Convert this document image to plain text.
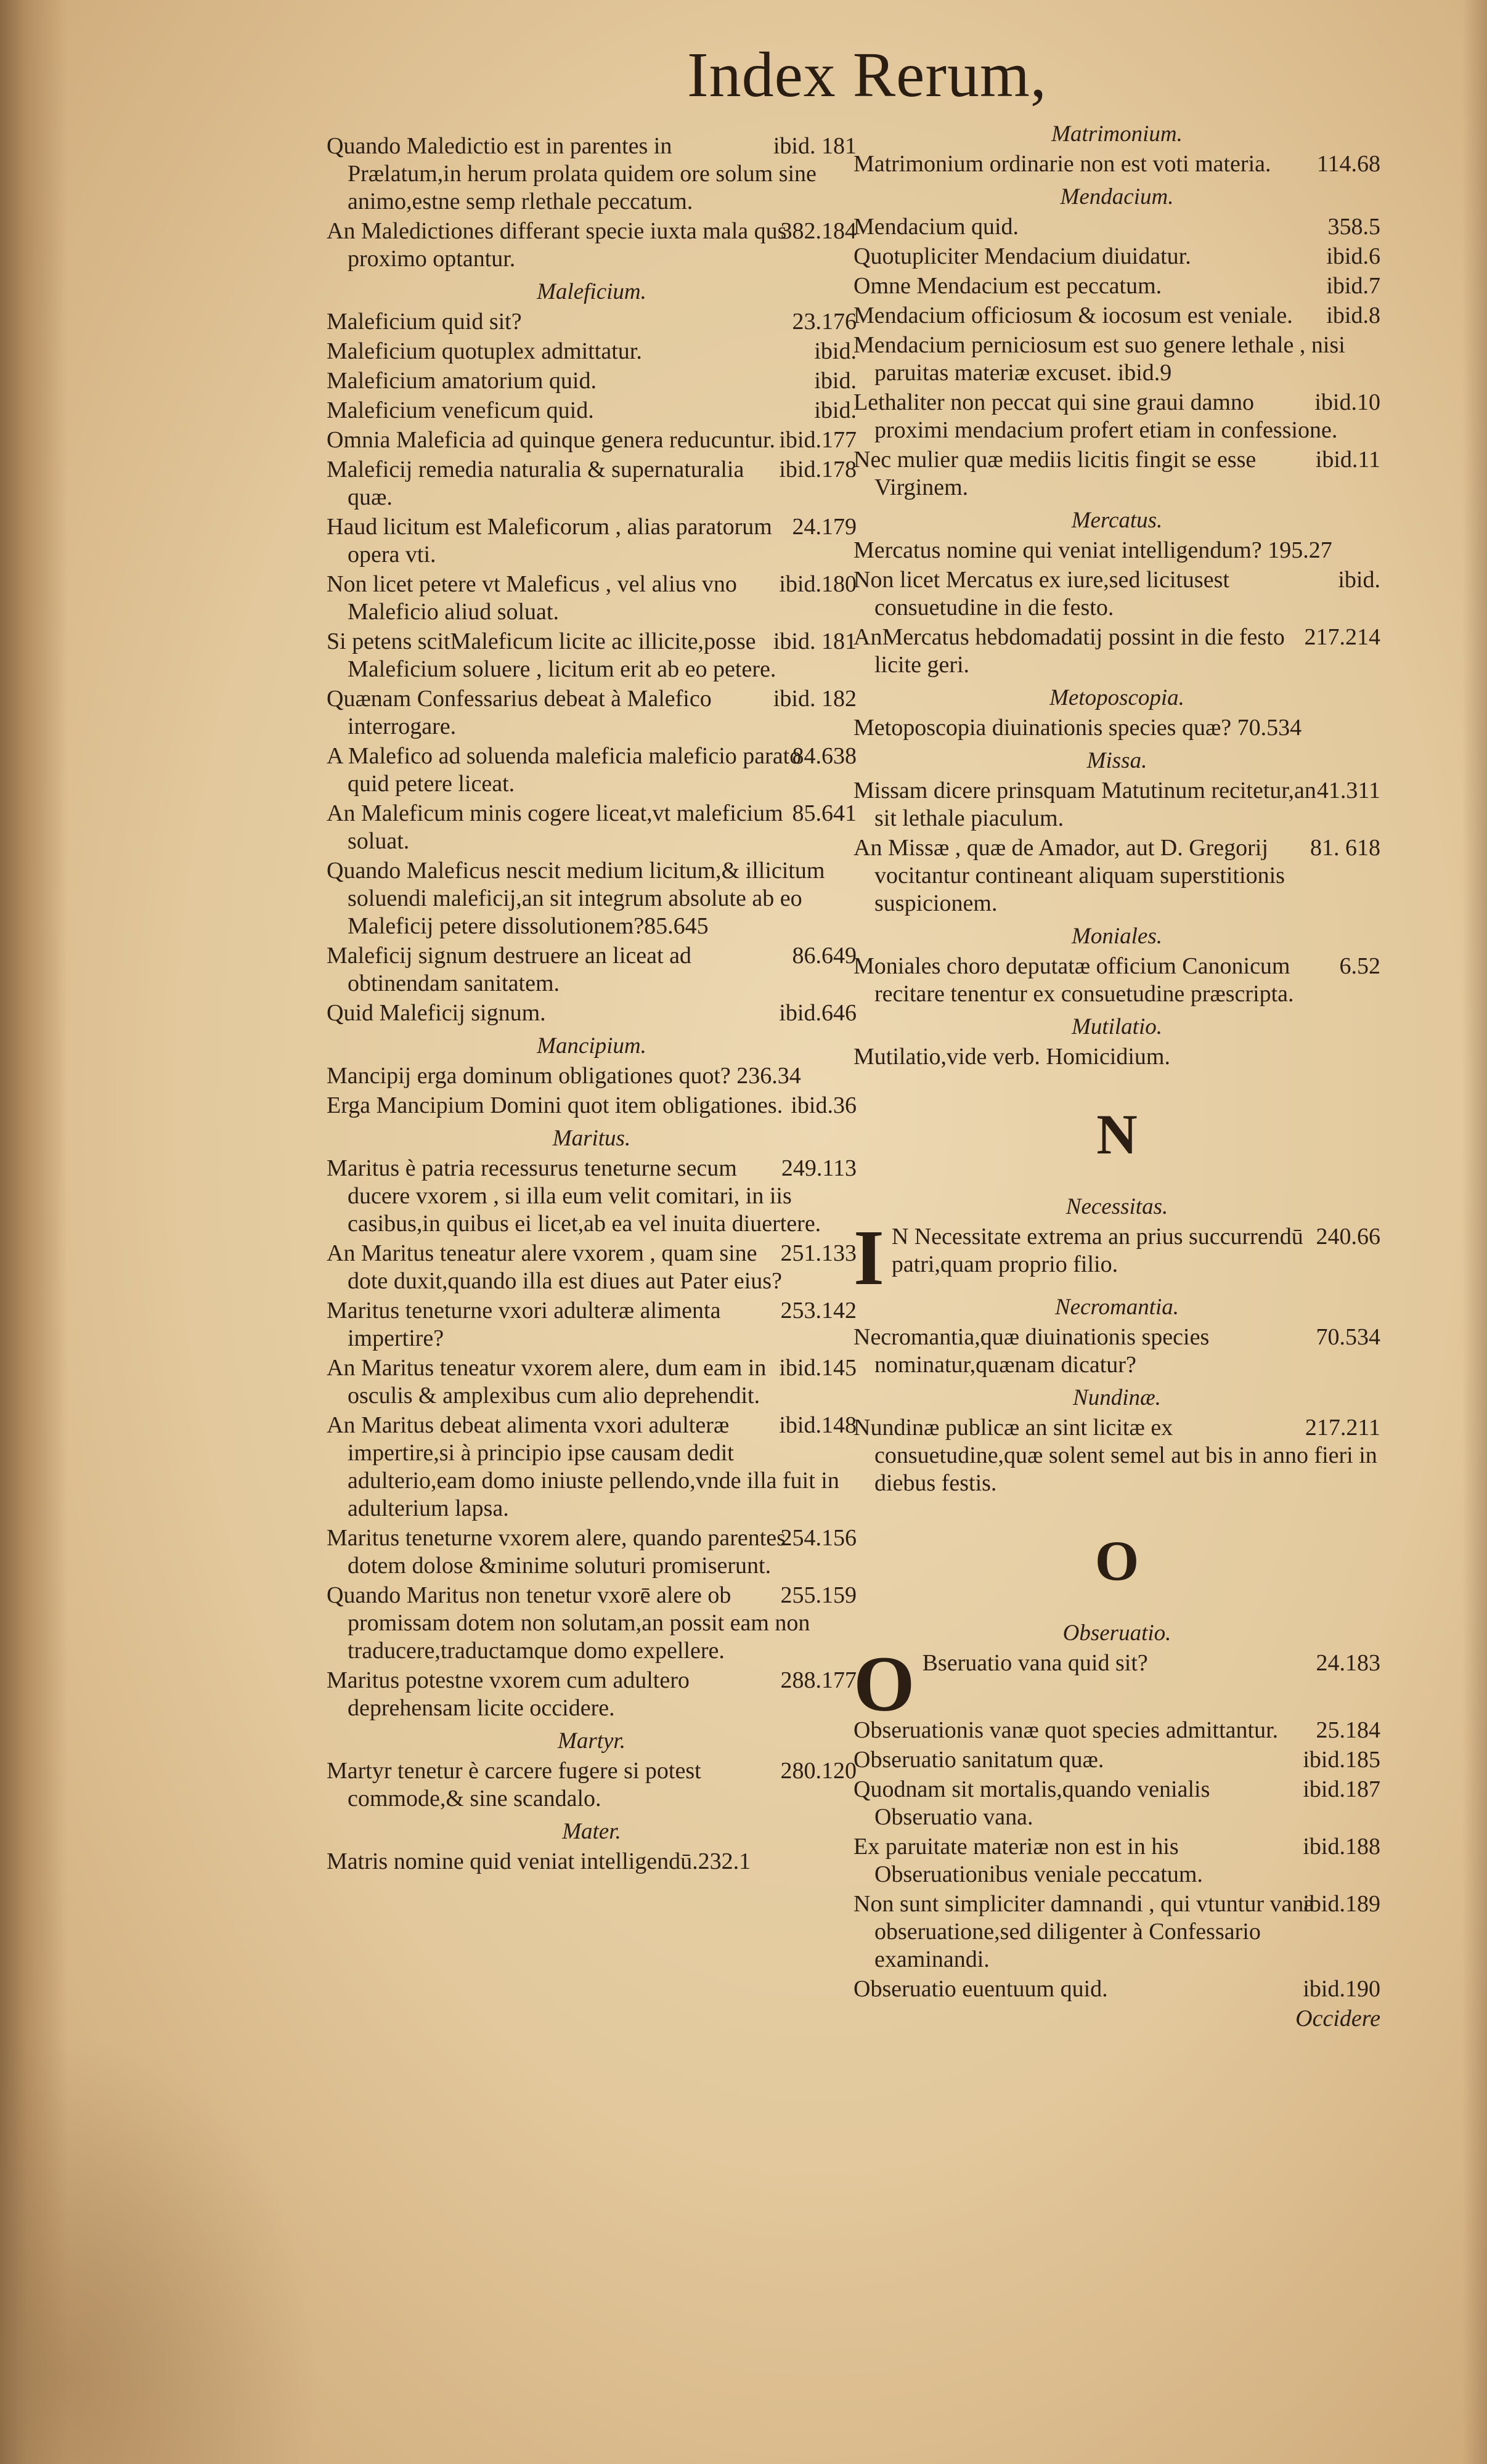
Index Rerum,
ibid. 181
Quando Maledictio est in parentes in Prælatum,in herum prolata quidem ore solum sine animo,estne semp rlethale peccatum.
382.184
An Maledictiones differant specie iuxta mala qus proximo optantur.
Maleficium.
23.176
Maleficium quid sit?
ibid.
Maleficium quotuplex admittatur.
ibid.
Maleficium amatorium quid.
ibid.
Maleficium veneficum quid.
ibid.177
Omnia Maleficia ad quinque genera reducuntur.
ibid.178
Maleficij remedia naturalia & supernaturalia quæ.
24.179
Haud licitum est Maleficorum , alias paratorum opera vti.
ibid.180
Non licet petere vt Maleficus , vel alius vno Maleficio aliud soluat.
ibid. 181
Si petens scitMaleficum licite ac illicite,posse Maleficium soluere , licitum erit ab eo petere.
ibid. 182
Quænam Confessarius debeat à Malefico interrogare.
84.638
A Malefico ad soluenda maleficia maleficio parato quid petere liceat.
85.641
An Maleficum minis cogere liceat,vt maleficium soluat.
Quando Maleficus nescit medium licitum,& illicitum soluendi maleficij,an sit integrum absolute ab eo Maleficij petere dissolutionem?85.645
86.649
Maleficij signum destruere an liceat ad obtinendam sanitatem.
ibid.646
Quid Maleficij signum.
Mancipium.
Mancipij erga dominum obligationes quot? 236.34
ibid.36
Erga Mancipium Domini quot item obligationes.
Maritus.
249.113
Maritus è patria recessurus teneturne secum ducere vxorem , si illa eum velit comitari, in iis casibus,in quibus ei licet,ab ea vel inuita diuertere.
251.133
An Maritus teneatur alere vxorem , quam sine dote duxit,quando illa est diues aut Pater eius?
253.142
Maritus teneturne vxori adulteræ alimenta impertire?
ibid.145
An Maritus teneatur vxorem alere, dum eam in osculis & amplexibus cum alio deprehendit.
ibid.148
An Maritus debeat alimenta vxori adulteræ impertire,si à principio ipse causam dedit adulterio,eam domo iniuste pellendo,vnde illa fuit in adulterium lapsa.
254.156
Maritus teneturne vxorem alere, quando parentes dotem dolose &minime soluturi promiserunt.
255.159
Quando Maritus non tenetur vxorē alere ob promissam dotem non solutam,an possit eam non traducere,traductamque domo expellere.
288.177
Maritus potestne vxorem cum adultero deprehensam licite occidere.
Martyr.
280.120
Martyr tenetur è carcere fugere si potest commode,& sine scandalo.
Mater.
Matris nomine quid veniat intelligendū.232.1
Matrimonium.
114.68
Matrimonium ordinarie non est voti materia.
Mendacium.
358.5
Mendacium quid.
ibid.6
Quotupliciter Mendacium diuidatur.
ibid.7
Omne Mendacium est peccatum.
ibid.8
Mendacium officiosum & iocosum est veniale.
Mendacium perniciosum est suo genere lethale , nisi paruitas materiæ excuset. ibid.9
ibid.10
Lethaliter non peccat qui sine graui damno proximi mendacium profert etiam in confessione.
ibid.11
Nec mulier quæ mediis licitis fingit se esse Virginem.
Mercatus.
Mercatus nomine qui veniat intelligendum? 195.27
ibid.
Non licet Mercatus ex iure,sed licitusest consuetudine in die festo.
217.214
AnMercatus hebdomadatij possint in die festo licite geri.
Metoposcopia.
Metoposcopia diuinationis species quæ? 70.534
Missa.
41.311
Missam dicere prinsquam Matutinum recitetur,an sit lethale piaculum.
81. 618
An Missæ , quæ de Amador, aut D. Gregorij vocitantur contineant aliquam superstitionis suspicionem.
Moniales.
6.52
Moniales choro deputatæ officium Canonicum recitare tenentur ex consuetudine præscripta.
Mutilatio.
Mutilatio,vide verb. Homicidium.
N
Necessitas.
I	240.66
N Necessitate extrema an prius succurrendū patri,quam proprio filio.
Necromantia.
70.534
Necromantia,quæ diuinationis species nominatur,quænam dicatur?
Nundinæ.
217.211
Nundinæ publicæ an sint licitæ ex consuetudine,quæ solent semel aut bis in anno fieri in diebus festis.
O
Obseruatio.
O	24.183
Bseruatio vana quid sit?
25.184
Obseruationis vanæ quot species admittantur.
ibid.185
Obseruatio sanitatum quæ.
ibid.187
Quodnam sit mortalis,quando venialis Obseruatio vana.
ibid.188
Ex paruitate materiæ non est in his Obseruationibus veniale peccatum.
ibid.189
Non sunt simpliciter damnandi , qui vtuntur vana obseruatione,sed diligenter à Confessario examinandi.
ibid.190
Obseruatio euentuum quid.
Occidere
